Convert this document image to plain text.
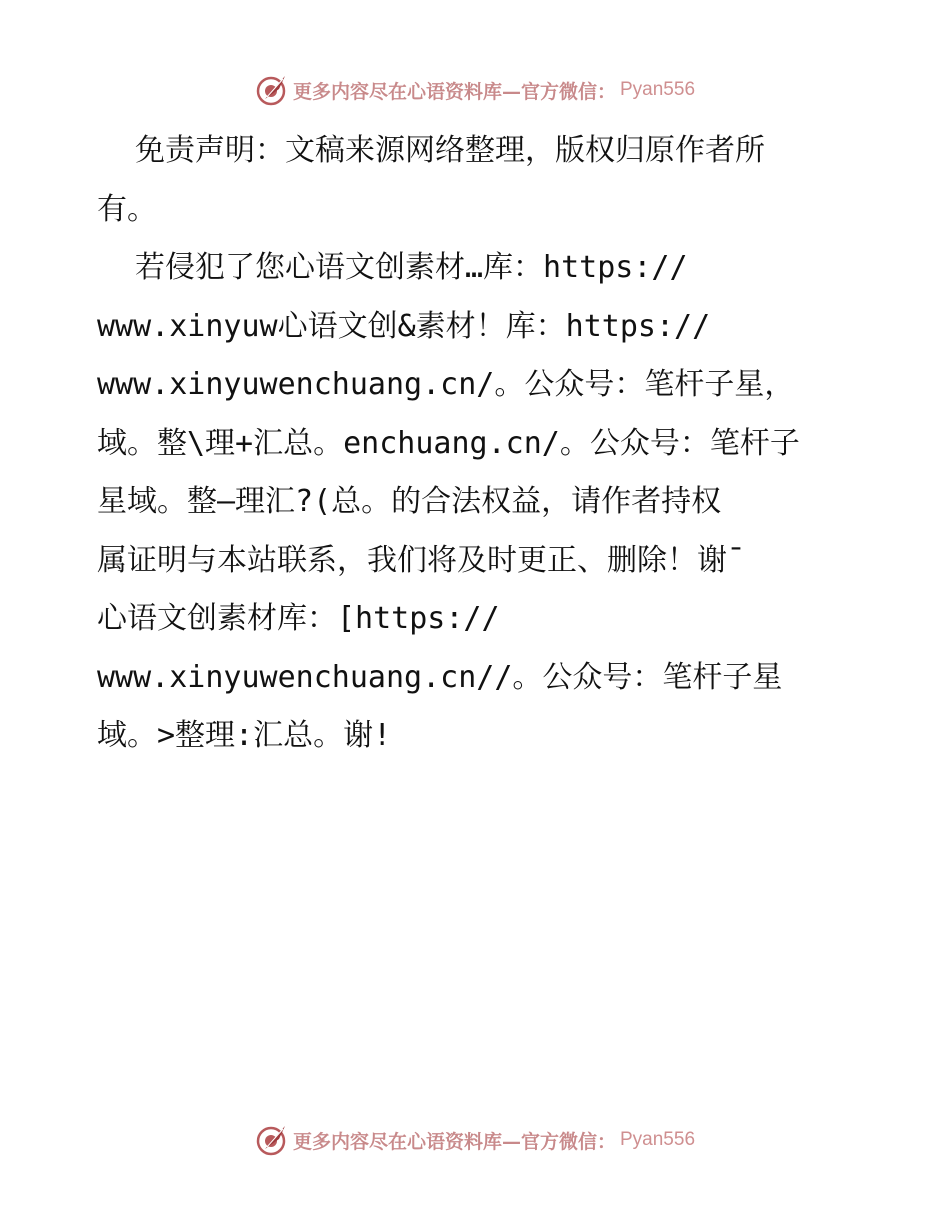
更多内容尽在心语资料库—官方微信： Pyan556
免责声明：文稿来源网络整理，版权归原作者所
有。
若侵犯了您心语文创素材…库：https://
www.xinyuw心语文创&素材！库：https://
www.xinyuwenchuang.cn/。公众号：笔杆子星，
域。整\理+汇总。enchuang.cn/。公众号：笔杆子
星域。整—理汇?(总。的合法权益，请作者持权
属证明与本站联系，我们将及时更正、删除！谢¯
心语文创素材库：[https://
www.xinyuwenchuang.cn//。公众号：笔杆子星
域。>整理:汇总。谢!
更多内容尽在心语资料库—官方微信： Pyan556
